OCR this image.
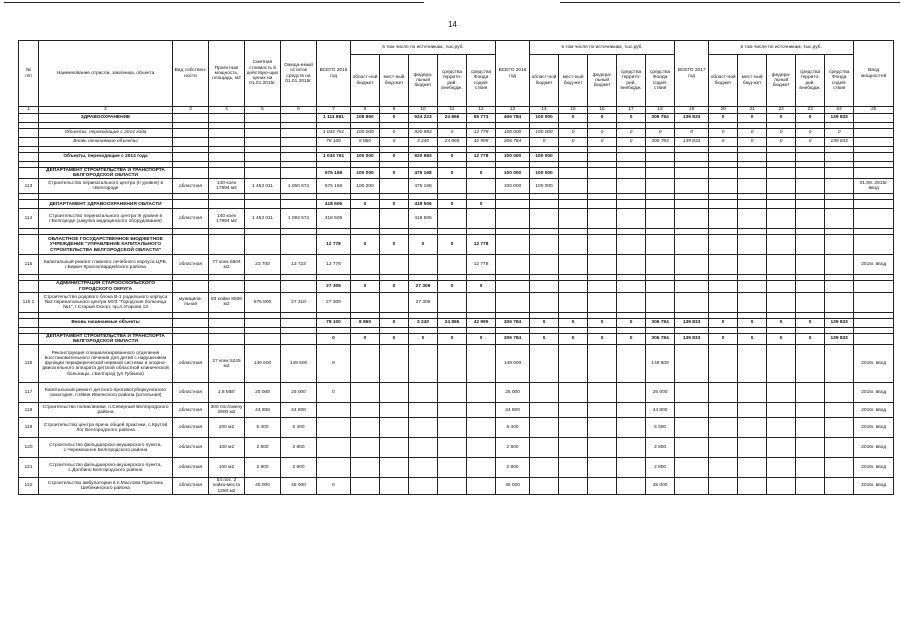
14
№
п/п	Наименование отрасли, заказчика, объекта	Вид собствен-ности	Проектная мощность, площадь, м2	Сметная стоимость в действую-щих ценах на 01.01.2015г.	Ожида-емый остаток средств на 01.01.2015г.	ВСЕГО 2015 год	в том числе по источникам, тыс.руб.					ВСЕГО 2016 год	в том числе по источникам, тыс.руб.					ВСЕГО 2017 год	в том числе по источникам, тыс.руб.					Ввод мощностей
							област-ной бюджет	мест-ный бюд-жет	федера-льный бюджет	средства террито-рий, внебюдж.	средства Фонда содей-ствия		област-ной бюджет	мест-ный бюд-жет	федера-льный бюджет	средства террито-рий, внебюдж.	средства Фонда содей-ствия		област-ной бюджет	мест-ный бюд-жет	федера-льный бюджет	средства террито-рий, внебюдж.	средства Фонда содей-ствия	
1	2	3	4	5	6	7	8	9	10	11	12	13	14	15	16	17	18	19	20	21	22	23	24	25
	ЗДРАВООХРАНЕНИЕ					1 111 861	108 860	0	924 223	24 865	55 773	406 784	100 000	0	0	0	306 784	139 833	0	0	0	0	139 833	

	Объекты, переходящие с 2014 года					1 033 761	100 000	0	920 983	0	12 778	100 000	100 000	0	0	0	0	0	0	0	0	0	0	
	Вновь начинаемые объекты					78 100	8 860	0	3 240	24 865	42 995	306 784	0	0	0	0	306 784	139 833	0	0	0	0	139 833	

	Объекты, переходящие с 2014 года					1 033 761	100 000	0	920 983	0	12 778	100 000	100 000											

	ДЕПАРТАМЕНТ СТРОИТЕЛЬСТВА И ТРАНСПОРТА БЕЛГОРОДСКОЙ ОБЛАСТИ					575 168	100 000	0	475 168	0	0	100 000	100 000											
113	Строительство перинатального центра (II уровня) в г.Белгороде	областная	140 коек 17994 м2	1 453 011	1 050 674	575 168	100 000		475 168			100 000	100 000											01.09. 2015г. ввод

	ДЕПАРТАМЕНТ ЗДРАВООХРАНЕНИЯ ОБЛАСТИ					418 506	0	0	418 506	0	0													
114	Строительство перинатального центра III уровня в г.Белгороде (закупка медицинского оборудования)	областная	140 коек 17994 м2	1 453 011	1 093 674	418 506			418 506															

	ОБЛАСТНОЕ ГОСУДАРСТВЕННОЕ БЮДЖЕТНОЕ УЧРЕЖДЕНИЕ "УПРАВЛЕНИЕ КАПИТАЛЬНОГО СТРОИТЕЛЬСТВА БЕЛГОРОДСКОЙ ОБЛАСТИ"					12 778	0	0	0	0	12 778													
115	Капитальный ремонт главного лечебного корпуса ЦРБ, г.Бирюч Красногвардейского района	областная	77 коек 5604 м2	23 700	13 723	12 778					12 778													2015г. ввод

	АДМИНИСТРАЦИЯ СТАРООСКОЛЬСКОГО ГОРОДСКОГО ОКРУГА					27 309	0	0	27 309	0	0													
115 1	Строительство родового блока В-1 родильного корпуса №2 перинатального центра МУЗ "Городская больница №1", г.Старый Оскол, пр.А.Угарова 13	муниципа-льная	83 койки 8836 м2	575 800	27 310	27 309			27 309															

	Вновь начинаемые объекты					78 100	8 860	0	3 240	24 865	42 995	306 784	0	0	0	0	306 784	139 833	0	0	0	0	139 833	

	ДЕПАРТАМЕНТ СТРОИТЕЛЬСТВА И ТРАНСПОРТА БЕЛГОРОДСКОЙ ОБЛАСТИ					0	0	0	0	0	0	306 784	0	0	0	0	306 784	139 833	0	0	0	0	139 833	
116	Реконструкция специализированного отделения восстановительного лечения для детей с нарушением функции периферической нервной системы и опорно-двигательного аппарата детской областной клинической больницы, г.Белгород (ул.Губкина)	областная	27 коек 5245 м2	149 600	149 600	0						149 600					149 600							2016г. ввод
117	Капитальный ремонт детского противотуберкулезного санатория, п.Ивня Ивнянского района (котельная)	областная	1,8 МВт	25 000	25 000	0						25 000					25 000							2016г. ввод
118	Строительство поликлиники, п.Северный Белгородского района	областная	300 пос/смену 2800 м2	44 800	44 800							44 800					44 800							2016г. ввод
119	Строительство центра врача общей практики, с.Крутой Лог Белгородского района	областная	200 м2	5 400	5 400							5 400					5 400							2016г. ввод
120	Строительство фельдшерско-акушерского пункта, с.Черемошное Белгородского района	областная	100 м2	2 800	2 800							2 800					2 800							2016г. ввод
121	Строительство фельдшерско-акушерского пункта, с.Долбино Белгородского района	областная	100 м2	2 800	2 800							2 800					2 800							2016г. ввод
122	Строительство амбулатории в п.Маслова Пристань Шебекинского района	областная	54 пос. 2 койко-места 1250 м2	45 000	45 000	0						45 000					45 000							2016г. ввод
